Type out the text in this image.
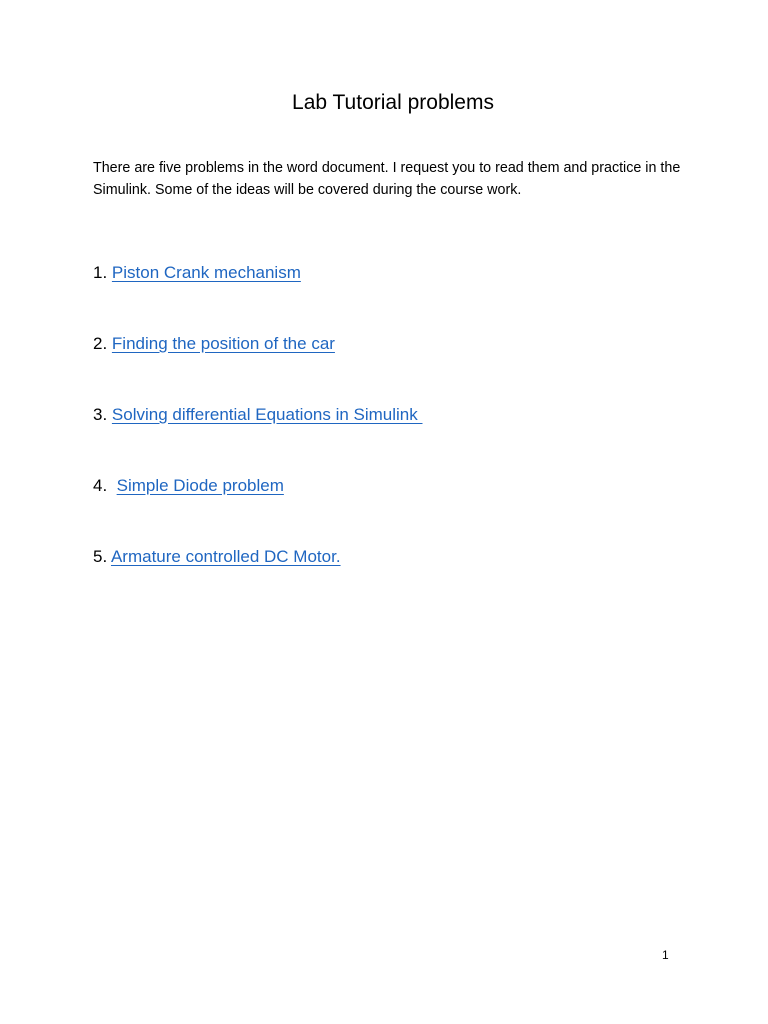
Lab Tutorial problems

There are five problems in the word document. I request you to read them and practice in the Simulink. Some of the ideas will be covered during the course work.

1. Piston Crank mechanism
2. Finding the position of the car
3. Solving differential Equations in Simulink
4.  Simple Diode problem
5. Armature controlled DC Motor.

1
